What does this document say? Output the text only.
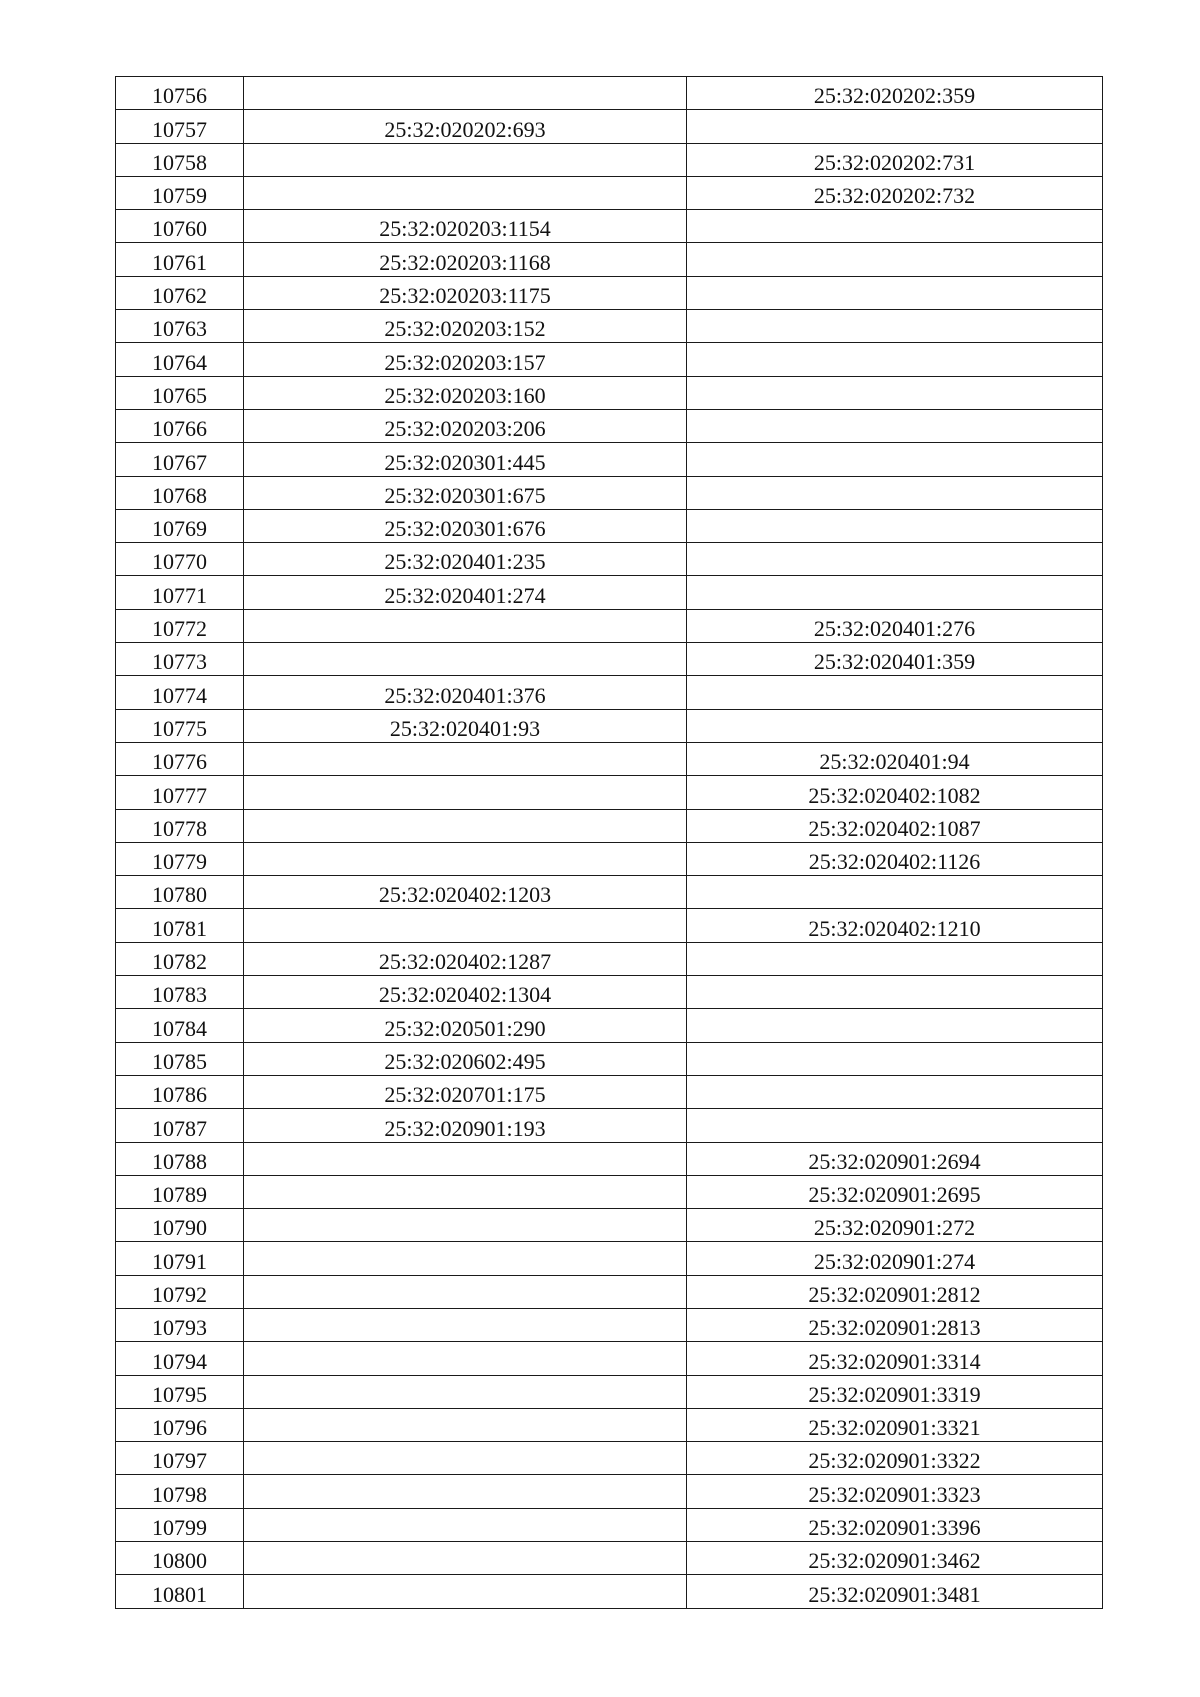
10756		25:32:020202:359
10757	25:32:020202:693	
10758		25:32:020202:731
10759		25:32:020202:732
10760	25:32:020203:1154	
10761	25:32:020203:1168	
10762	25:32:020203:1175	
10763	25:32:020203:152	
10764	25:32:020203:157	
10765	25:32:020203:160	
10766	25:32:020203:206	
10767	25:32:020301:445	
10768	25:32:020301:675	
10769	25:32:020301:676	
10770	25:32:020401:235	
10771	25:32:020401:274	
10772		25:32:020401:276
10773		25:32:020401:359
10774	25:32:020401:376	
10775	25:32:020401:93	
10776		25:32:020401:94
10777		25:32:020402:1082
10778		25:32:020402:1087
10779		25:32:020402:1126
10780	25:32:020402:1203	
10781		25:32:020402:1210
10782	25:32:020402:1287	
10783	25:32:020402:1304	
10784	25:32:020501:290	
10785	25:32:020602:495	
10786	25:32:020701:175	
10787	25:32:020901:193	
10788		25:32:020901:2694
10789		25:32:020901:2695
10790		25:32:020901:272
10791		25:32:020901:274
10792		25:32:020901:2812
10793		25:32:020901:2813
10794		25:32:020901:3314
10795		25:32:020901:3319
10796		25:32:020901:3321
10797		25:32:020901:3322
10798		25:32:020901:3323
10799		25:32:020901:3396
10800		25:32:020901:3462
10801		25:32:020901:3481
